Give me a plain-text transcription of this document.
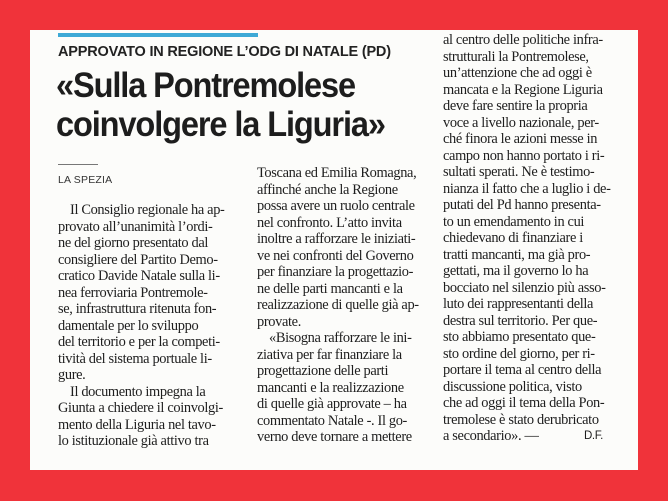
APPROVATO IN REGIONE L’ODG DI NATALE (PD)
«Sulla Pontremolese
coinvolgere la Liguria»
LA SPEZIA
Il Consiglio regionale ha ap-
provato all’unanimità l’ordi-
ne del giorno presentato dal
consigliere del Partito Demo-
cratico Davide Natale sulla li-
nea ferroviaria Pontremole-
se, infrastruttura ritenuta fon-
damentale per lo sviluppo
del territorio e per la competi-
tività del sistema portuale li-
gure.
Il documento impegna la
Giunta a chiedere il coinvolgi-
mento della Liguria nel tavo-
lo istituzionale già attivo tra
Toscana ed Emilia Romagna,
affinché anche la Regione
possa avere un ruolo centrale
nel confronto. L’atto invita
inoltre a rafforzare le iniziati-
ve nei confronti del Governo
per finanziare la progettazio-
ne delle parti mancanti e la
realizzazione di quelle già ap-
provate.
«Bisogna rafforzare le ini-
ziativa per far finanziare la
progettazione delle parti
mancanti e la realizzazione
di quelle già approvate – ha
commentato Natale -. Il go-
verno deve tornare a mettere
al centro delle politiche infra-
strutturali la Pontremolese,
un’attenzione che ad oggi è
mancata e la Regione Liguria
deve fare sentire la propria
voce a livello nazionale, per-
ché finora le azioni messe in
campo non hanno portato i ri-
sultati sperati. Ne è testimo-
nianza il fatto che a luglio i de-
putati del Pd hanno presenta-
to un emendamento in cui
chiedevano di finanziare i
tratti mancanti, ma già pro-
gettati, ma il governo lo ha
bocciato nel silenzio più asso-
luto dei rappresentanti della
destra sul territorio. Per que-
sto abbiamo presentato que-
sto ordine del giorno, per ri-
portare il tema al centro della
discussione politica, visto
che ad oggi il tema della Pon-
tremolese è stato derubricato
a secondario». —	D.F.
